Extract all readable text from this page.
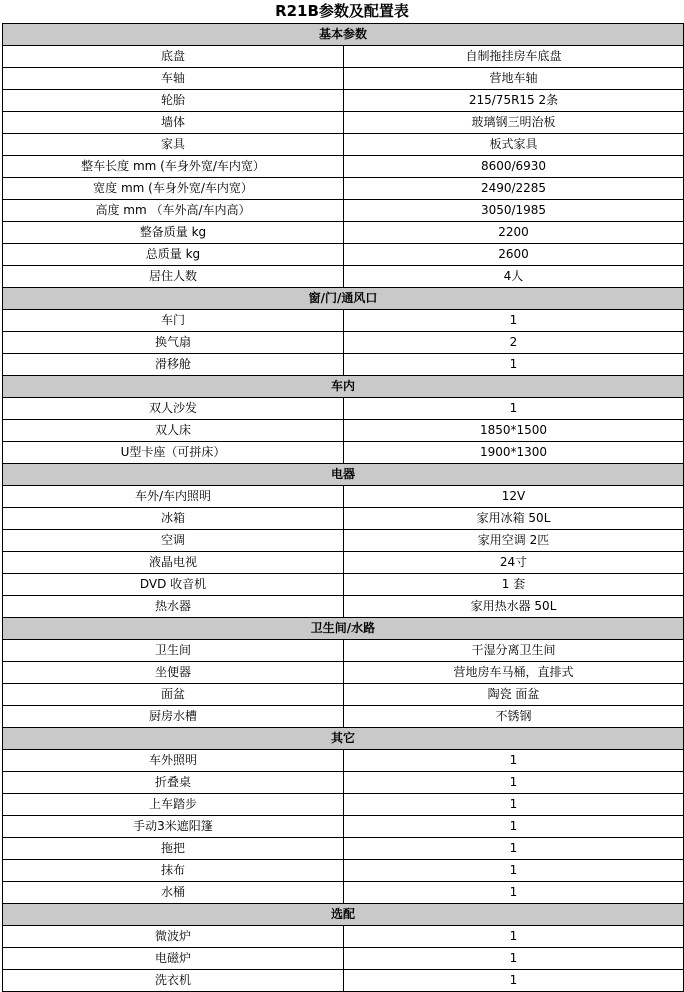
R21B参数及配置表
基本参数
底盘	自制拖挂房车底盘
车轴	营地车轴
轮胎	215/75R15 2条
墙体	玻璃钢三明治板
家具	板式家具
整车长度 mm (车身外宽/车内宽）	8600/6930
宽度 mm (车身外宽/车内宽）	2490/2285
高度 mm （车外高/车内高）	3050/1985
整备质量 kg	2200
总质量 kg	2600
居住人数	4人
窗/门/通风口
车门	1
换气扇	2
滑移舱	1
车内
双人沙发	1
双人床	1850*1500
U型卡座（可拼床）	1900*1300
电器
车外/车内照明	12V
冰箱	家用冰箱 50L
空调	家用空调 2匹
液晶电视	24寸
DVD 收音机	1 套
热水器	家用热水器 50L
卫生间/水路
卫生间	干湿分离卫生间
坐便器	营地房车马桶，直排式
面盆	陶瓷 面盆
厨房水槽	不锈钢
其它
车外照明	1
折叠桌	1
上车踏步	1
手动3米遮阳篷	1
拖把	1
抹布	1
水桶	1
选配
微波炉	1
电磁炉	1
洗衣机	1
